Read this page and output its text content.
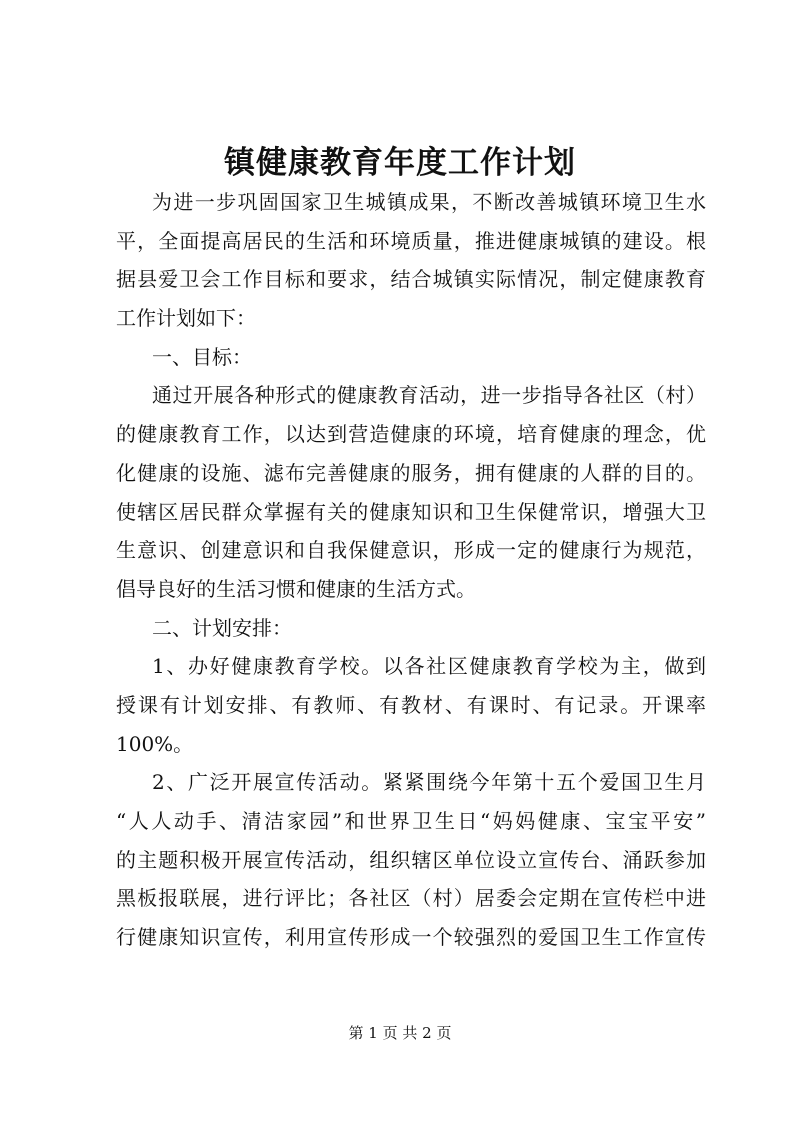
镇健康教育年度工作计划
为进一步巩固国家卫生城镇成果，不断改善城镇环境卫生水
平，全面提高居民的生活和环境质量，推进健康城镇的建设。根
据县爱卫会工作目标和要求，结合城镇实际情况，制定健康教育
工作计划如下：
一、目标：
通过开展各种形式的健康教育活动，进一步指导各社区（村）
的健康教育工作，以达到营造健康的环境，培育健康的理念，优
化健康的设施、滤布完善健康的服务，拥有健康的人群的目的。
使辖区居民群众掌握有关的健康知识和卫生保健常识，增强大卫
生意识、创建意识和自我保健意识，形成一定的健康行为规范，
倡导良好的生活习惯和健康的生活方式。
二、计划安排：
1、办好健康教育学校。以各社区健康教育学校为主，做到
授课有计划安排、有教师、有教材、有课时、有记录。开课率
100%。
2、广泛开展宣传活动。紧紧围绕今年第十五个爱国卫生月
“人人动手、清洁家园”和世界卫生日“妈妈健康、宝宝平安”
的主题积极开展宣传活动，组织辖区单位设立宣传台、涌跃参加
黑板报联展，进行评比；各社区（村）居委会定期在宣传栏中进
行健康知识宣传，利用宣传形成一个较强烈的爱国卫生工作宣传
第 1 页 共 2 页
